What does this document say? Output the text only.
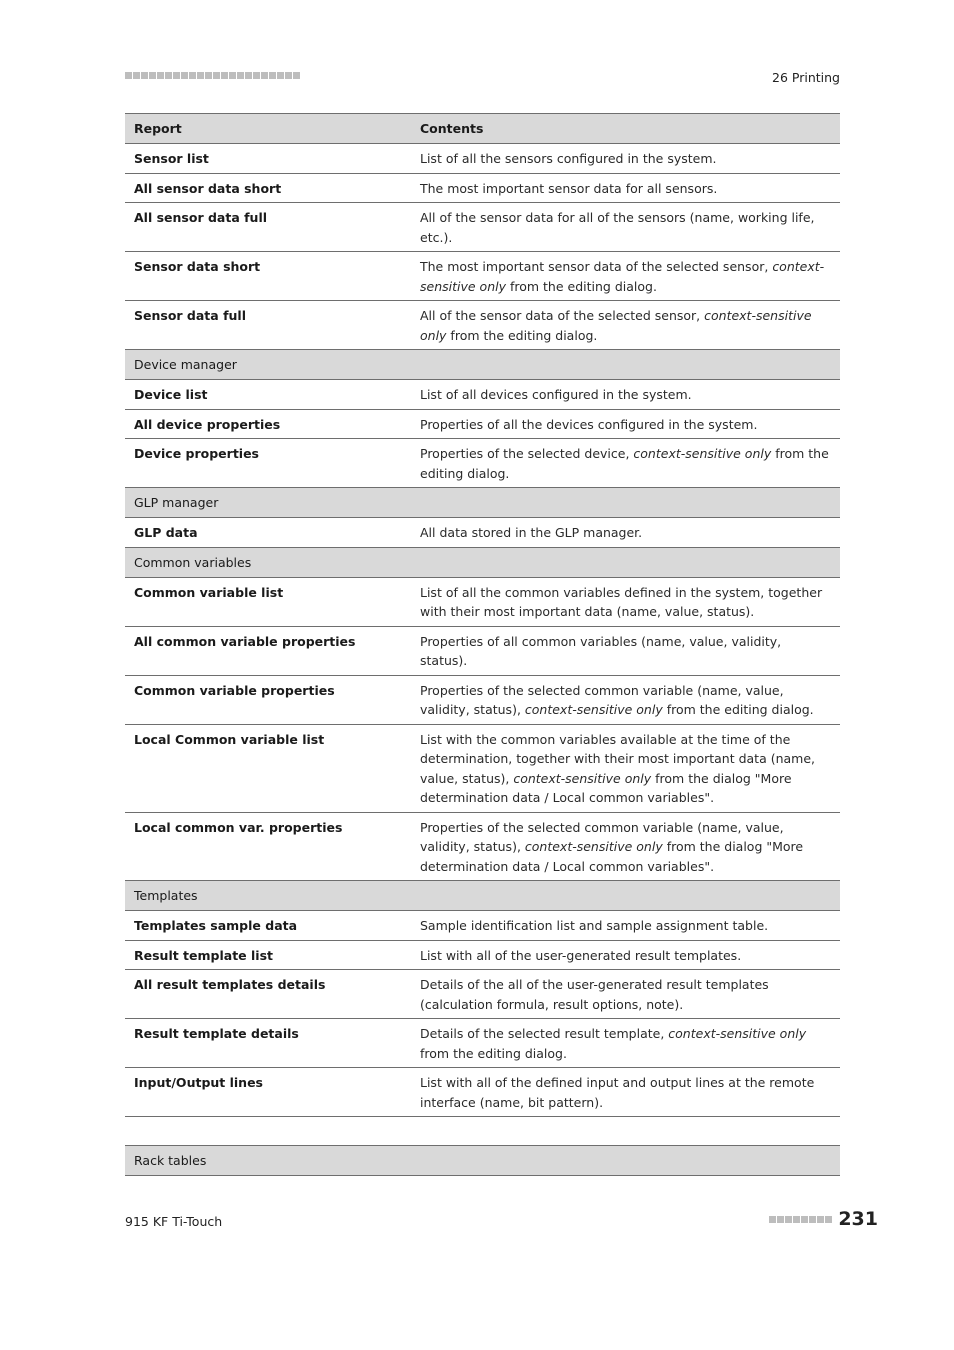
26 Printing
Report	Contents
Sensor list	List of all the sensors configured in the system.
All sensor data short	The most important sensor data for all sensors.
All sensor data full	All of the sensor data for all of the sensors (name, working life, etc.).
Sensor data short	The most important sensor data of the selected sensor, context-sensitive only from the editing dialog.
Sensor data full	All of the sensor data of the selected sensor, context-sensitive only from the editing dialog.
Device manager	
Device list	List of all devices configured in the system.
All device properties	Properties of all the devices configured in the system.
Device properties	Properties of the selected device, context-sensitive only from the editing dialog.
GLP manager	
GLP data	All data stored in the GLP manager.
Common variables	
Common variable list	List of all the common variables defined in the system, together with their most important data (name, value, status).
All common variable properties	Properties of all common variables (name, value, validity, status).
Common variable properties	Properties of the selected common variable (name, value, validity, status), context-sensitive only from the editing dialog.
Local Common variable list	List with the common variables available at the time of the determination, together with their most important data (name, value, status), context-sensitive only from the dialog "More determination data / Local common variables".
Local common var. properties	Properties of the selected common variable (name, value, validity, status), context-sensitive only from the dialog "More determination data / Local common variables".
Templates	
Templates sample data	Sample identification list and sample assignment table.
Result template list	List with all of the user-generated result templates.
All result templates details	Details of the all of the user-generated result templates (calculation formula, result options, note).
Result template details	Details of the selected result template, context-sensitive only from the editing dialog.
Input/Output lines	List with all of the defined input and output lines at the remote interface (name, bit pattern).

Rack tables	
915 KF Ti-Touch	231
